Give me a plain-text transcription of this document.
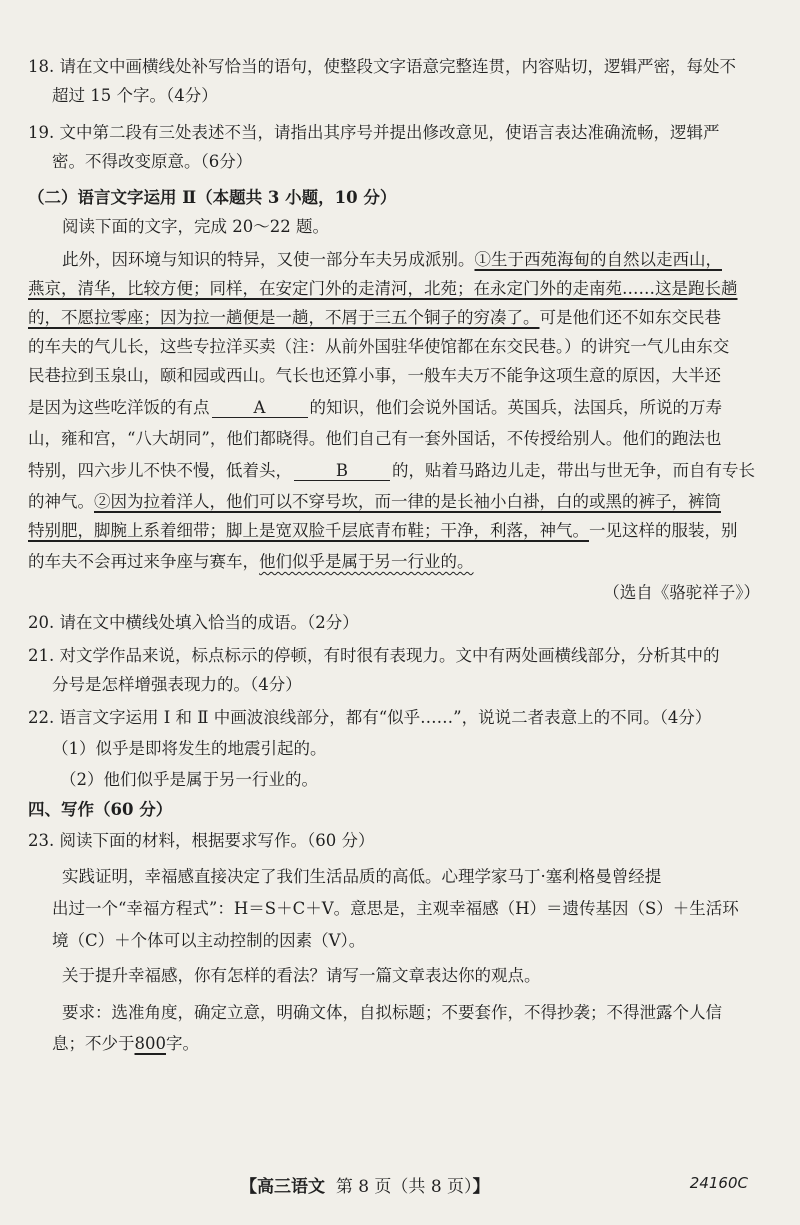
18. 请在文中画横线处补写恰当的语句，使整段文字语意完整连贯，内容贴切，逻辑严密，每处不
超过 15 个字。（4分）
19. 文中第二段有三处表述不当，请指出其序号并提出修改意见，使语言表达准确流畅，逻辑严
密。不得改变原意。（6分）
（二）语言文字运用 Ⅱ（本题共 3 小题，10 分）
阅读下面的文字，完成 20～22 题。
此外，因环境与知识的特异，又使一部分车夫另成派别。①生于西苑海甸的自然以走西山，
燕京，清华，比较方便；同样，在安定门外的走清河，北苑；在永定门外的走南苑……这是跑长趟
的，不愿拉零座；因为拉一趟便是一趟，不屑于三五个铜子的穷凑了。可是他们还不如东交民巷
的车夫的气儿长，这些专拉洋买卖（注：从前外国驻华使馆都在东交民巷。）的讲究一气儿由东交
民巷拉到玉泉山，颐和园或西山。气长也还算小事，一般车夫万不能争这项生意的原因，大半还
是因为这些吃洋饭的有点	A	的知识，他们会说外国话。英国兵，法国兵，所说的万寿
山，雍和宫，“八大胡同”，他们都晓得。他们自己有一套外国话，不传授给别人。他们的跑法也
特别，四六步儿不快不慢，低着头，	B	的，贴着马路边儿走，带出与世无争，而自有专长
的神气。②因为拉着洋人，他们可以不穿号坎，而一律的是长袖小白褂，白的或黑的裤子，裤筒
特别肥，脚腕上系着细带；脚上是宽双脸千层底青布鞋；干净，利落，神气。一见这样的服装，别
的车夫不会再过来争座与赛车，他们似乎是属于另一行业的。
（选自《骆驼祥子》）
20. 请在文中横线处填入恰当的成语。（2分）
21. 对文学作品来说，标点标示的停顿，有时很有表现力。文中有两处画横线部分，分析其中的
分号是怎样增强表现力的。（4分）
22. 语言文字运用 Ⅰ 和 Ⅱ 中画波浪线部分，都有“似乎……”，说说二者表意上的不同。（4分）
（1）似乎是即将发生的地震引起的。
（2）他们似乎是属于另一行业的。
四、写作（60 分）
23. 阅读下面的材料，根据要求写作。（60 分）
实践证明，幸福感直接决定了我们生活品质的高低。心理学家马丁·塞利格曼曾经提
出过一个“幸福方程式”：H＝S＋C＋V。意思是，主观幸福感（H）＝遗传基因（S）＋生活环
境（C）＋个体可以主动控制的因素（V）。
关于提升幸福感，你有怎样的看法？请写一篇文章表达你的观点。
要求：选准角度，确定立意，明确文体，自拟标题；不要套作，不得抄袭；不得泄露个人信
息；不少于800字。
【高三语文 第 8 页（共 8 页）】	24160C
